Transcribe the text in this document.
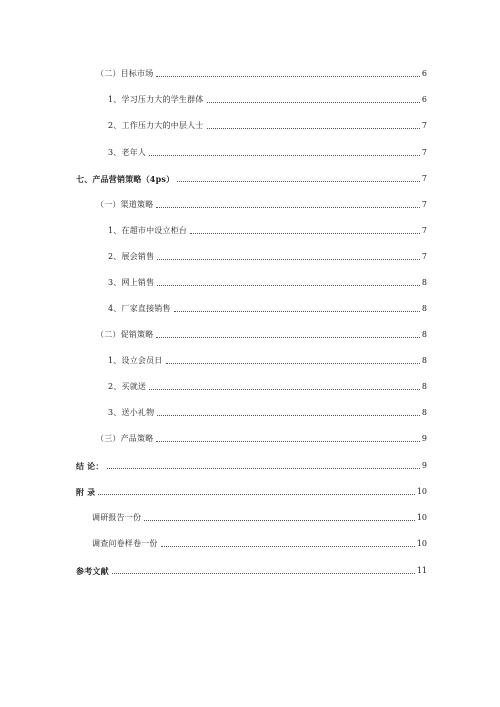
（二）目标市场	6
1、学习压力大的学生群体	6
2、工作压力大的中层人士	7
3、老年人	7
七、产品营销策略（4ps）	7
（一）渠道策略	7
1、在超市中设立柜台	7
2、展会销售	7
3、网上销售	8
4、厂家直接销售	8
（二）促销策略	8
1、设立会员日	8
2、买就送	8
3、送小礼物	8
（三）产品策略	9
结 论：	9
附 录	10
调研报告一份	10
调查问卷样卷一份	10
参考文献	11
